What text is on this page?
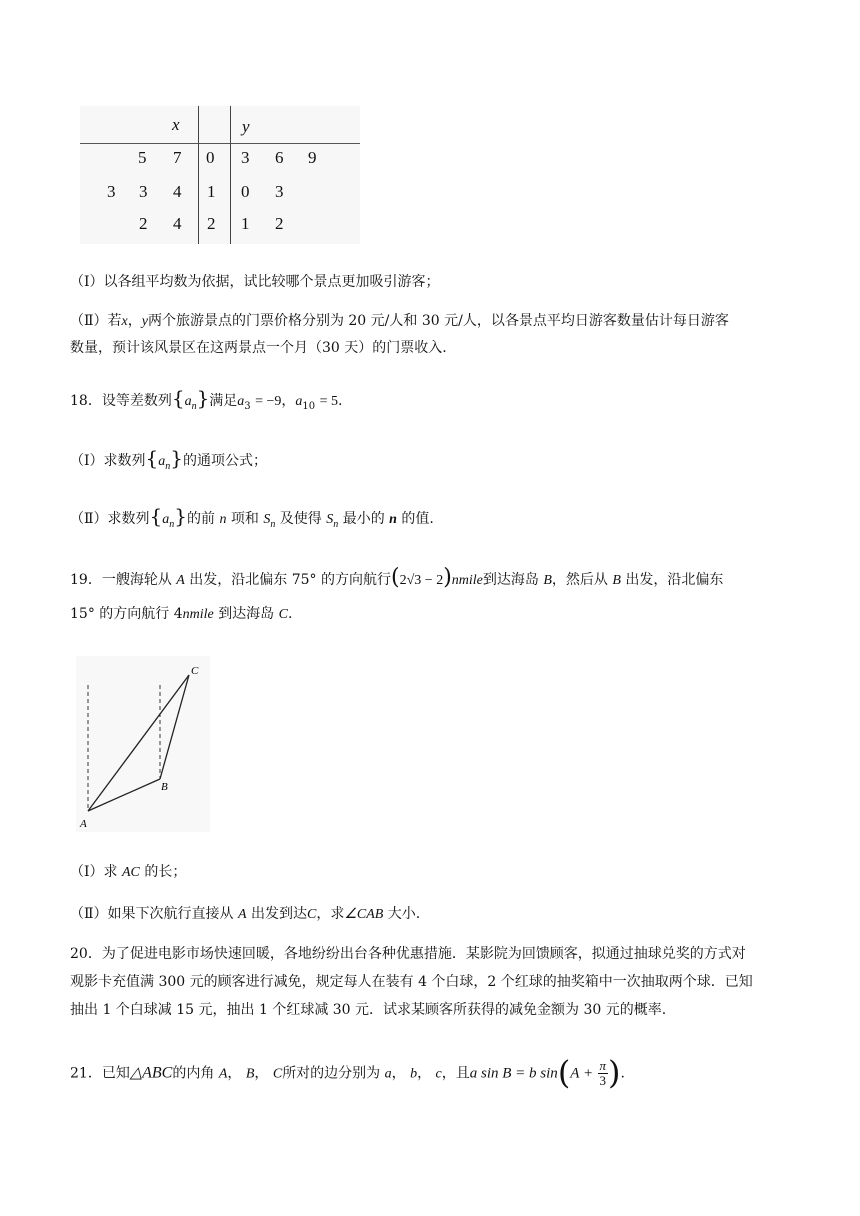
x	y
5 7 0 3 6 9
3 3 4 1 0 3
2 4 2 1 2
（Ⅰ）以各组平均数为依据，试比较哪个景点更加吸引游客；
（Ⅱ）若x，y两个旅游景点的门票价格分别为 20 元/人和 30 元/人，以各景点平均日游客数量估计每日游客
数量，预计该风景区在这两景点一个月（30 天）的门票收入.
18．设等差数列$\{a_n\}$满足$a_3 = -9$，$a_{10} = 5$.
（Ⅰ）求数列$\{a_n\}$的通项公式；
（Ⅱ）求数列$\{a_n\}$的前 n 项和 $S_n$ 及使得 $S_n$ 最小的 n 的值.
19．一艘海轮从 A 出发，沿北偏东 75° 的方向航行(2√3 − 2)nmile到达海岛 B，然后从 B 出发，沿北偏东
15° 的方向航行 4nmile 到达海岛 C.
A
B
C
（Ⅰ）求 AC 的长；
（Ⅱ）如果下次航行直接从 A 出发到达C，求∠CAB 大小.
20．为了促进电影市场快速回暖，各地纷纷出台各种优惠措施．某影院为回馈顾客，拟通过抽球兑奖的方式对
观影卡充值满 300 元的顾客进行减免，规定每人在装有 4 个白球，2 个红球的抽奖箱中一次抽取两个球．已知
抽出 1 个白球减 15 元，抽出 1 个红球减 30 元．试求某顾客所获得的减免金额为 30 元的概率.
21．已知△ABC的内角 A， B， C所对的边分别为 a， b， c，且a sin B = b $\sin(A + \frac{\pi}{3}$ ).
